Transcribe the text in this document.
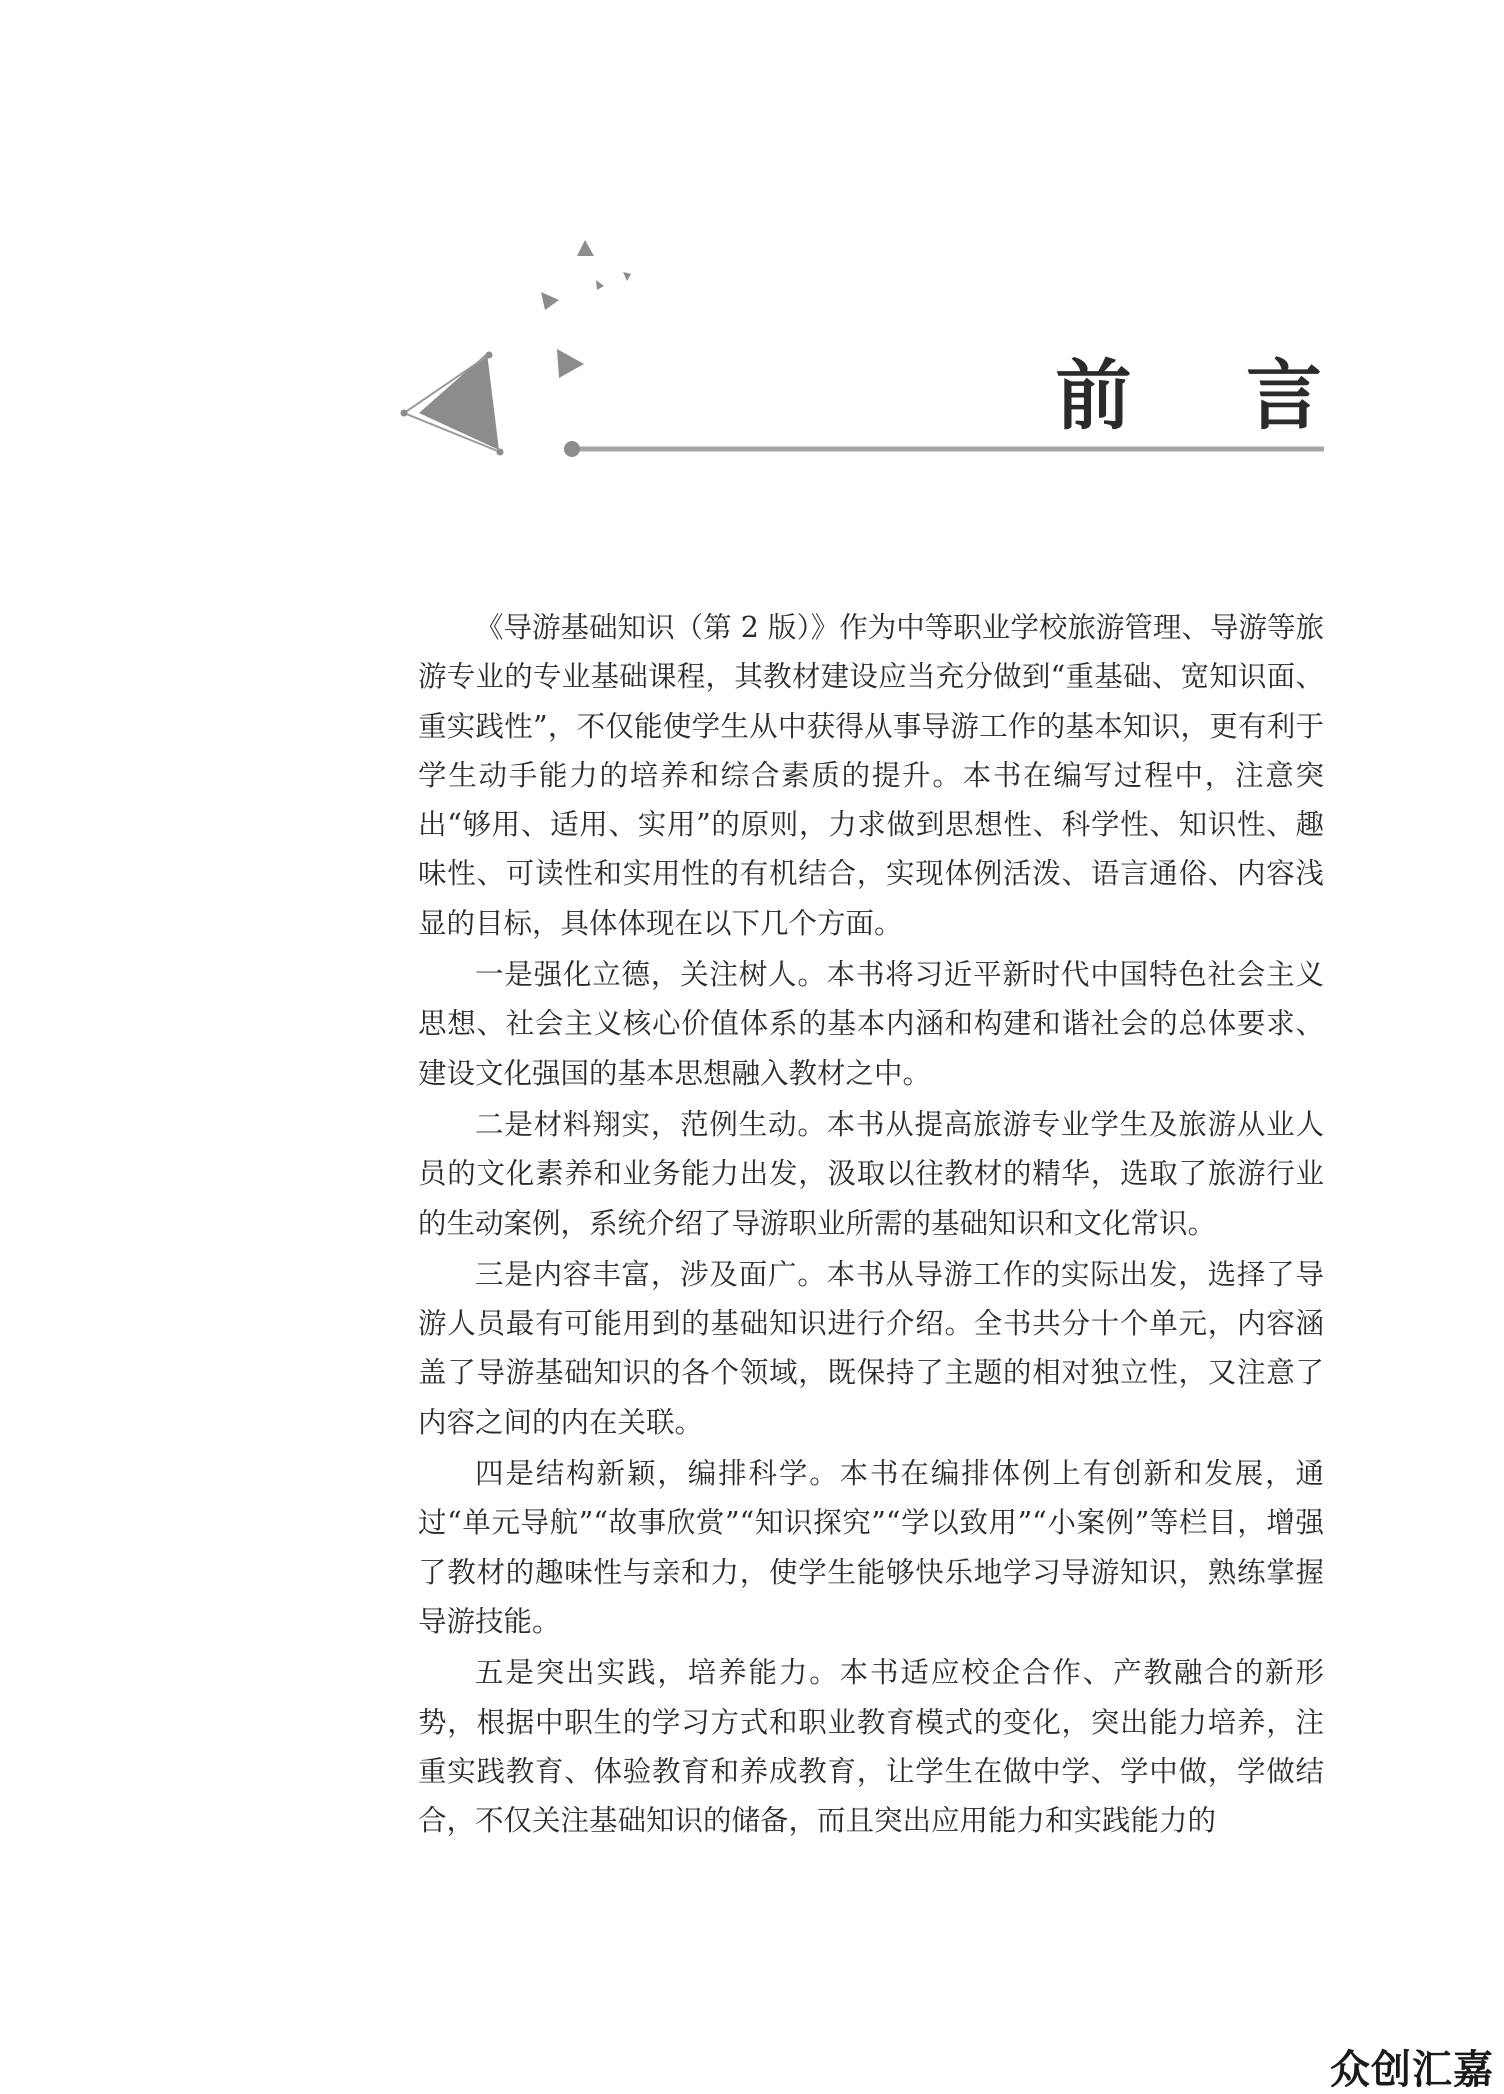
前 言

《导游基础知识（第 2 版）》作为中等职业学校旅游管理、导游等旅游专业的专业基础课程，其教材建设应当充分做到“重基础、宽知识面、重实践性”，不仅能使学生从中获得从事导游工作的基本知识，更有利于学生动手能力的培养和综合素质的提升。本书在编写过程中，注意突出“够用、适用、实用”的原则，力求做到思想性、科学性、知识性、趣味性、可读性和实用性的有机结合，实现体例活泼、语言通俗、内容浅显的目标，具体体现在以下几个方面。

一是强化立德，关注树人。本书将习近平新时代中国特色社会主义思想、社会主义核心价值体系的基本内涵和构建和谐社会的总体要求、建设文化强国的基本思想融入教材之中。

二是材料翔实，范例生动。本书从提高旅游专业学生及旅游从业人员的文化素养和业务能力出发，汲取以往教材的精华，选取了旅游行业的生动案例，系统介绍了导游职业所需的基础知识和文化常识。

三是内容丰富，涉及面广。本书从导游工作的实际出发，选择了导游人员最有可能用到的基础知识进行介绍。全书共分十个单元，内容涵盖了导游基础知识的各个领域，既保持了主题的相对独立性，又注意了内容之间的内在关联。

四是结构新颖，编排科学。本书在编排体例上有创新和发展，通过“单元导航”“故事欣赏”“知识探究”“学以致用”“小案例”等栏目，增强了教材的趣味性与亲和力，使学生能够快乐地学习导游知识，熟练掌握导游技能。

五是突出实践，培养能力。本书适应校企合作、产教融合的新形势，根据中职生的学习方式和职业教育模式的变化，突出能力培养，注重实践教育、体验教育和养成教育，让学生在做中学、学中做，学做结合，不仅关注基础知识的储备，而且突出应用能力和实践能力的

众创汇嘉
